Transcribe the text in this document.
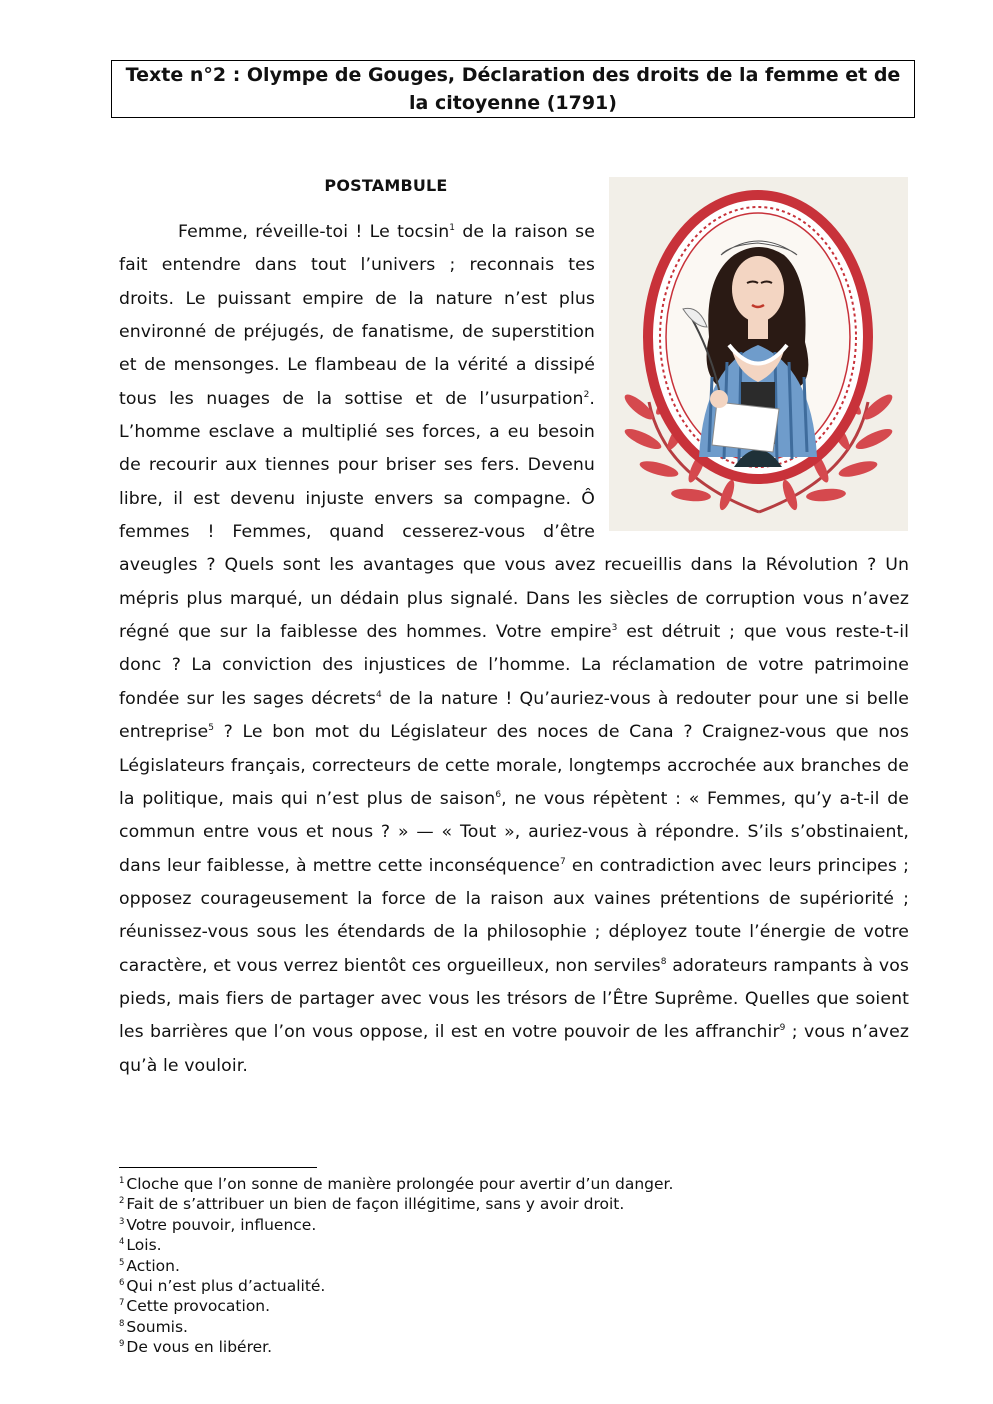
Texte n°2 : Olympe de Gouges, Déclaration des droits de la femme et de la citoyenne (1791)
POSTAMBULE

Femme, réveille-toi ! Le tocsin$^1$ de la raison se fait entendre dans tout l’univers ; reconnais tes droits. Le puissant empire de la nature n’est plus environné de préjugés, de fanatisme, de superstition et de mensonges. Le flambeau de la vérité a dissipé tous les nuages de la sottise et de l’usurpation$^2$. L’homme esclave a multiplié ses forces, a eu besoin de recourir aux tiennes pour briser ses fers. Devenu libre, il est devenu injuste envers sa compagne. Ô femmes ! Femmes, quand cesserez-vous d’être aveugles ? Quels sont les avantages que vous avez recueillis dans la Révolution ? Un mépris plus marqué, un dédain plus signalé. Dans les siècles de corruption vous n’avez régné que sur la faiblesse des hommes. Votre empire$^3$ est détruit ; que vous reste-t-il donc ? La conviction des injustices de l’homme. La réclamation de votre patrimoine fondée sur les sages décrets$^4$ de la nature ! Qu’auriez-vous à redouter pour une si belle entreprise$^5$ ? Le bon mot du Législateur des noces de Cana ? Craignez-vous que nos Législateurs français, correcteurs de cette morale, longtemps accrochée aux branches de la politique, mais qui n’est plus de saison$^6$, ne vous répètent : « Femmes, qu’y a-t-il de commun entre vous et nous ? » — « Tout », auriez-vous à répondre. S’ils s’obstinaient, dans leur faiblesse, à mettre cette inconséquence$^7$ en contradiction avec leurs principes ; opposez courageusement la force de la raison aux vaines prétentions de supériorité ; réunissez-vous sous les étendards de la philosophie ; déployez toute l’énergie de votre caractère, et vous verrez bientôt ces orgueilleux, non serviles$^8$ adorateurs rampants à vos pieds, mais fiers de partager avec vous les trésors de l’Être Suprême. Quelles que soient les barrières que l’on vous oppose, il est en votre pouvoir de les affranchir$^9$ ; vous n’avez qu’à le vouloir.

$^1$ Cloche que l’on sonne de manière prolongée pour avertir d’un danger.
$^2$ Fait de s’attribuer un bien de façon illégitime, sans y avoir droit.
$^3$ Votre pouvoir, influence.
$^4$ Lois.
$^5$ Action.
$^6$ Qui n’est plus d’actualité.
$^7$ Cette provocation.
$^8$ Soumis.
$^9$ De vous en libérer.
